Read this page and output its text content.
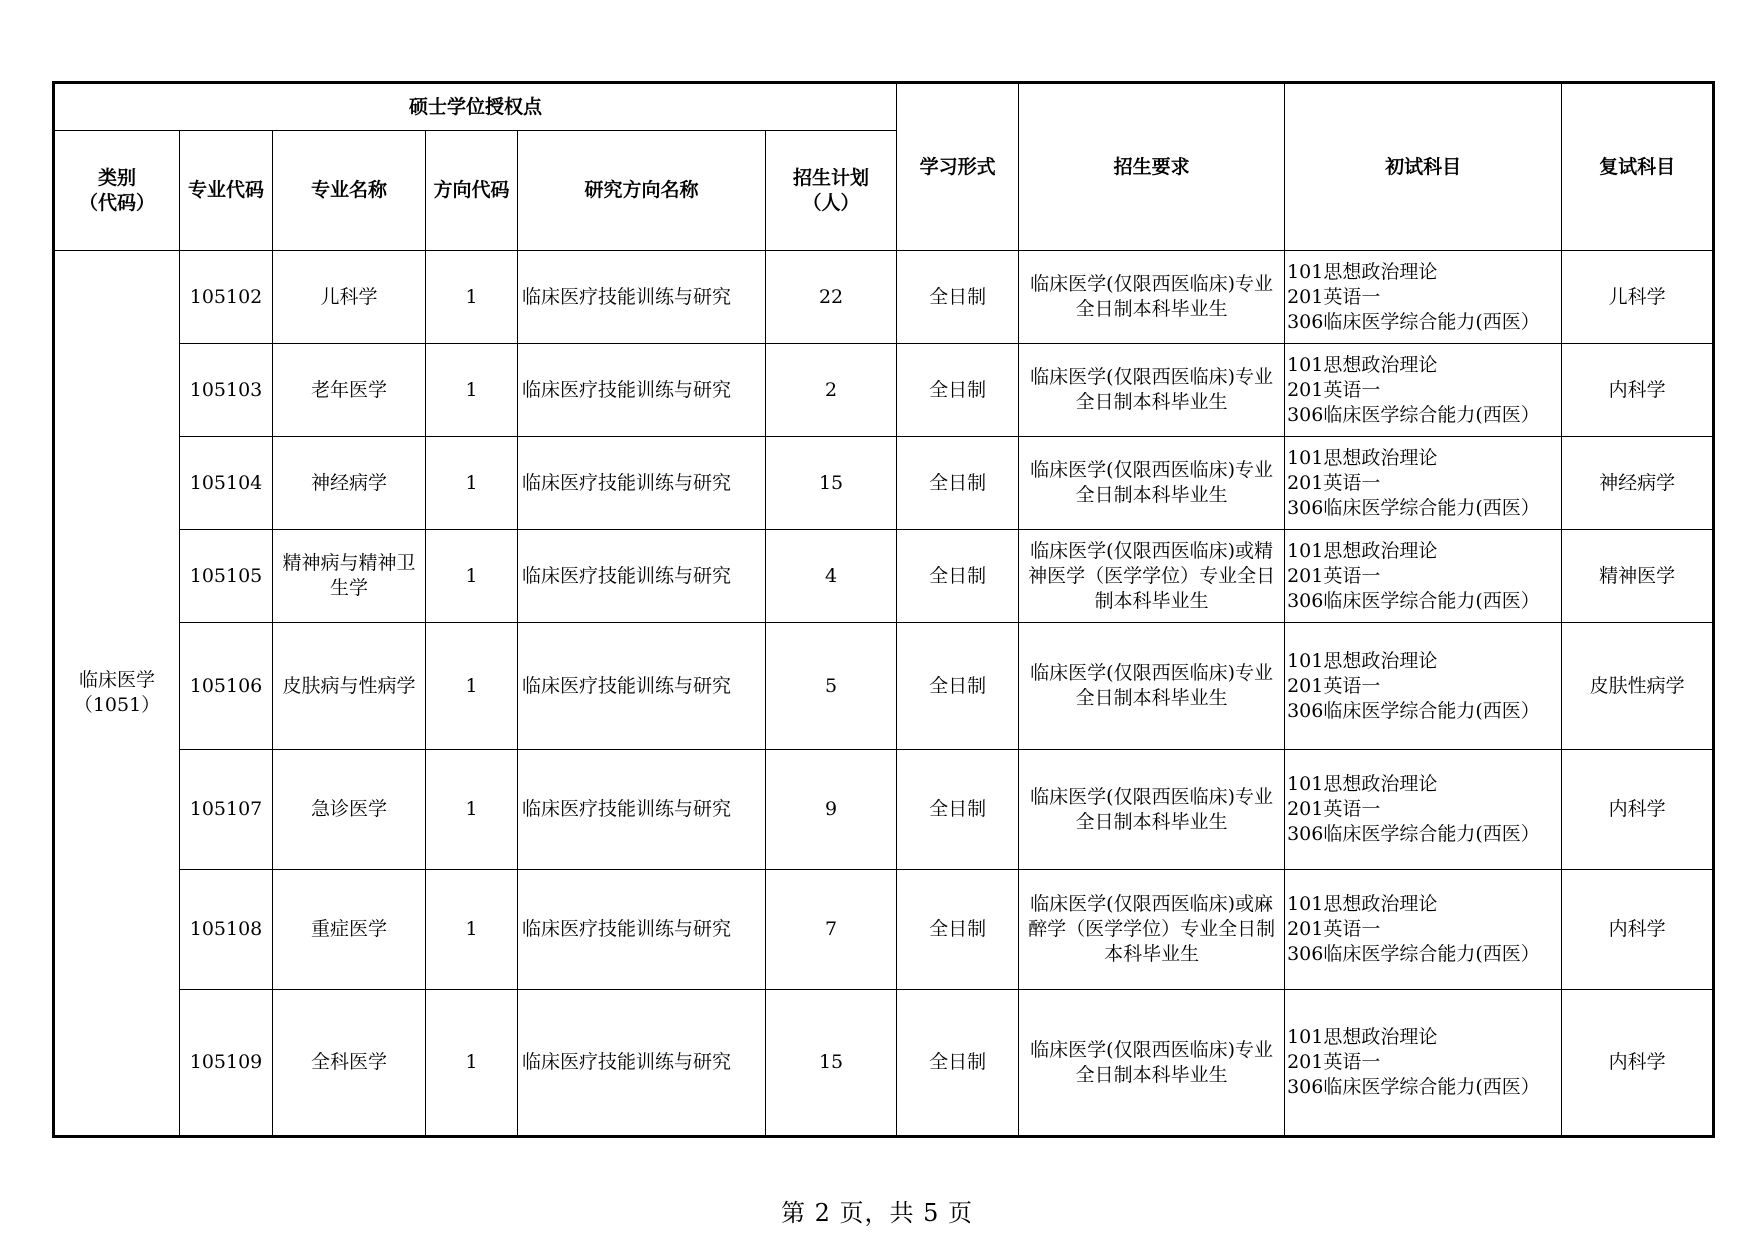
硕士学位授权点						学习形式	招生要求	初试科目	复试科目

类别
（代码）	专业代码	专业名称	方向代码	研究方向名称	招生计划
（人）				

临床医学
（1051）	105102	儿科学	1	临床医疗技能训练与研究	22	全日制	临床医学(仅限西医临床)专业全日制本科毕业生	101思想政治理论
201英语一
306临床医学综合能力(西医）	儿科学
	105103	老年医学	1	临床医疗技能训练与研究	2	全日制	临床医学(仅限西医临床)专业全日制本科毕业生	101思想政治理论
201英语一
306临床医学综合能力(西医）	内科学
	105104	神经病学	1	临床医疗技能训练与研究	15	全日制	临床医学(仅限西医临床)专业全日制本科毕业生	101思想政治理论
201英语一
306临床医学综合能力(西医）	神经病学
	105105	精神病与精神卫生学	1	临床医疗技能训练与研究	4	全日制	临床医学(仅限西医临床)或精神医学（医学学位）专业全日制本科毕业生	101思想政治理论
201英语一
306临床医学综合能力(西医）	精神医学
	105106	皮肤病与性病学	1	临床医疗技能训练与研究	5	全日制	临床医学(仅限西医临床)专业全日制本科毕业生	101思想政治理论
201英语一
306临床医学综合能力(西医）	皮肤性病学
	105107	急诊医学	1	临床医疗技能训练与研究	9	全日制	临床医学(仅限西医临床)专业全日制本科毕业生	101思想政治理论
201英语一
306临床医学综合能力(西医）	内科学
	105108	重症医学	1	临床医疗技能训练与研究	7	全日制	临床医学(仅限西医临床)或麻醉学（医学学位）专业全日制本科毕业生	101思想政治理论
201英语一
306临床医学综合能力(西医）	内科学
	105109	全科医学	1	临床医疗技能训练与研究	15	全日制	临床医学(仅限西医临床)专业全日制本科毕业生	101思想政治理论
201英语一
306临床医学综合能力(西医）	内科学
第 2 页，共 5 页
